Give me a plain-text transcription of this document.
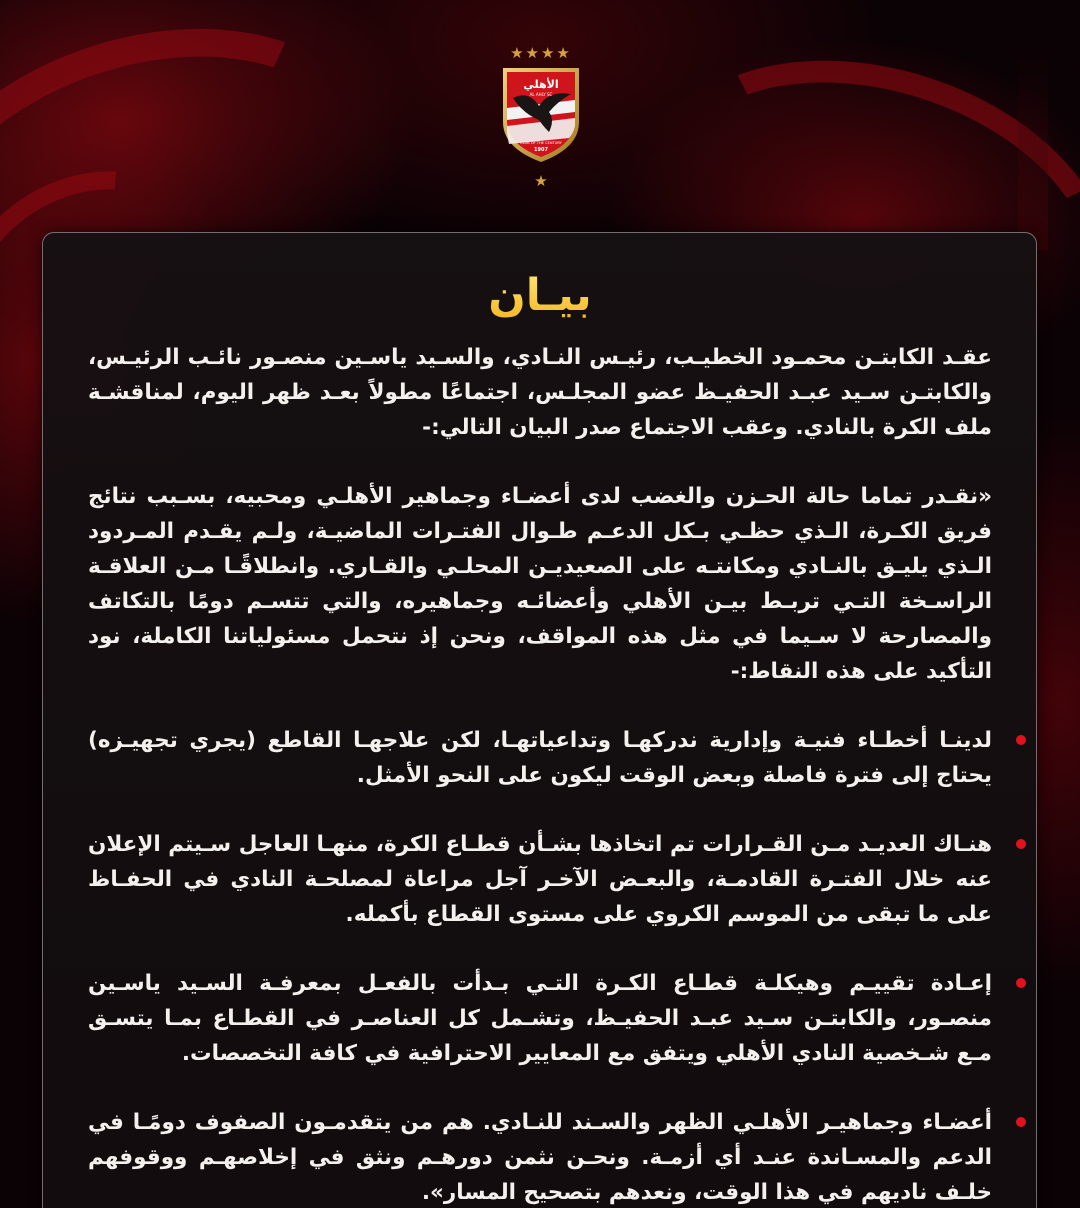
★★★★
الأهلي
AL AHLY SC
CLUB OF THE CENTURY
1907
★
بيـان

عقـد الكابتـن محمـود الخطيـب، رئيـس النـادي، والسـيد ياسـين منصـور نائـب الرئيـس، والكابتـن سـيد عبـد الحفيـظ عضو المجلـس، اجتماعًا مطولاً بعـد ظهر اليوم، لمناقشـة ملف الكرة بالنادي. وعقب الاجتماع صدر البيان التالي:-

«نقـدر تماما حالة الحـزن والغضب لدى أعضـاء وجماهير الأهلـي ومحبيه، بسـبب نتائج فريق الكـرة، الـذي حظـي بـكل الدعـم طـوال الفتـرات الماضيـة، ولـم يقـدم المـردود الـذي يليـق بالنـادي ومكانتـه على الصعيديـن المحلـي والقـاري. وانطلاقًـا مـن العلاقـة الراسـخة التـي تربـط بيـن الأهلي وأعضائـه وجماهيره، والتي تتسـم دومًا بالتكاتف والمصارحة لا سـيما في مثل هذه المواقف، ونحن إذ نتحمل مسئولياتنا الكاملة، نود التأكيد على هذه النقاط:-

لدينـا أخطـاء فنيـة وإدارية ندركهـا وتداعياتهـا، لكن علاجهـا القاطع (يجري تجهيـزه) يحتاج إلى فترة فاصلة وبعض الوقت ليكون على النحو الأمثل.
هنـاك العديـد مـن القـرارات تم اتخاذها بشـأن قطـاع الكرة، منهـا العاجل سـيتم الإعلان عنه خلال الفتـرة القادمـة، والبعـض الآخـر آجل مراعاة لمصلحـة النادي في الحفـاظ على ما تبقى من الموسم الكروي على مستوى القطاع بأكمله.
إعـادة تقييـم وهيكلـة قطـاع الكـرة التـي بـدأت بالفعـل بمعرفـة السـيد ياسـين منصـور، والكابتـن سـيد عبـد الحفيـظ، وتشـمل كل العناصـر في القطـاع بمـا يتسـق مـع شـخصية النادي الأهلي ويتفق مع المعايير الاحترافية في كافة التخصصات.
أعضـاء وجماهيـر الأهلـي الظهر والسـند للنـادي. هم من يتقدمـون الصفوف دومًـا في الدعم والمسـاندة عنـد أي أزمـة. ونحـن نثمن دورهـم ونثق في إخلاصهـم ووقوفهم خلـف ناديهم في هذا الوقت، ونعدهم بتصحيح المسار».
